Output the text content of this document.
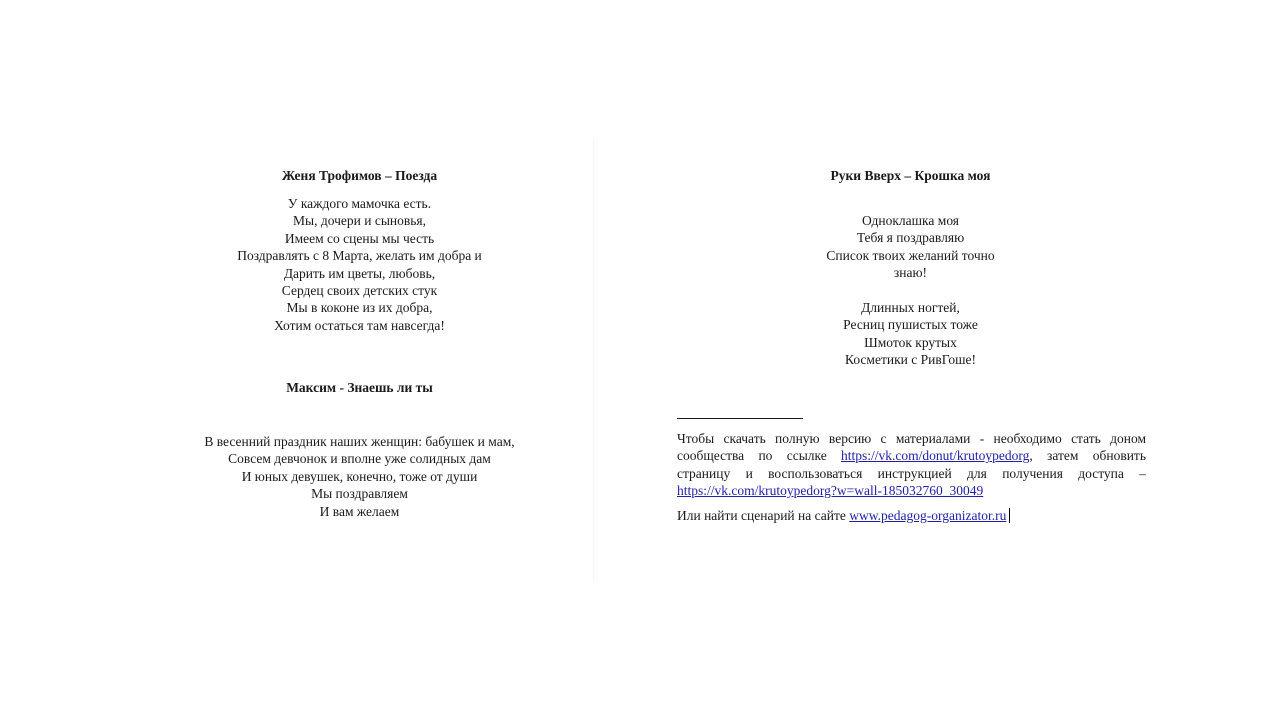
Женя Трофимов – Поезда
У каждого мамочка есть.
Мы, дочери и сыновья,
Имеем со сцены мы честь
Поздравлять с 8 Марта, желать им добра и
Дарить им цветы, любовь,
Сердец своих детских стук
Мы в коконе из их добра,
Хотим остаться там навсегда!
Максим - Знаешь ли ты
В весенний праздник наших женщин: бабушек и мам,
Совсем девчонок и вполне уже солидных дам
И юных девушек, конечно, тоже от души
Мы поздравляем
И вам желаем
Руки Вверх – Крошка моя
Одноклашка моя
Тебя я поздравляю
Список твоих желаний точно
знаю!
Длинных ногтей,
Ресниц пушистых тоже
Шмоток крутых
Косметики с РивГоше!
Чтобы скачать полную версию с материалами - необходимо стать доном сообщества по ссылке https://vk.com/donut/krutoypedorg, затем обновить страницу и воспользоваться инструкцией для получения доступа – https://vk.com/krutoypedorg?w=wall-185032760_30049
Или найти сценарий на сайте www.pedagog-organizator.ru
